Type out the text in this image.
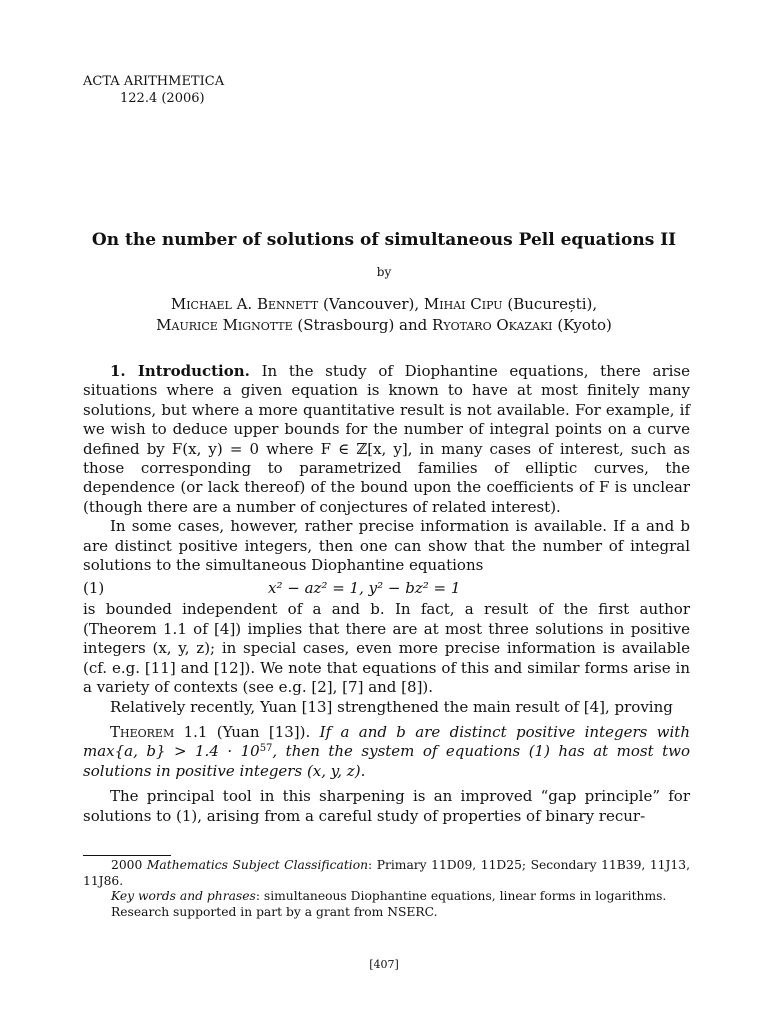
ACTA ARITHMETICA
122.4 (2006)
On the number of solutions of simultaneous Pell equations II
by
Michael A. Bennett (Vancouver), Mihai Cipu (București),
Maurice Mignotte (Strasbourg) and Ryotaro Okazaki (Kyoto)

1. Introduction. In the study of Diophantine equations, there arise situations where a given equation is known to have at most finitely many solutions, but where a more quantitative result is not available. For example, if we wish to deduce upper bounds for the number of integral points on a curve defined by F(x, y) = 0 where F ∈ ℤ[x, y], in many cases of interest, such as those corresponding to parametrized families of elliptic curves, the dependence (or lack thereof) of the bound upon the coefficients of F is unclear (though there are a number of conjectures of related interest).

In some cases, however, rather precise information is available. If a and b are distinct positive integers, then one can show that the number of integral solutions to the simultaneous Diophantine equations

(1)	x² − az² = 1, y² − bz² = 1

is bounded independent of a and b. In fact, a result of the first author (Theorem 1.1 of [4]) implies that there are at most three solutions in positive integers (x, y, z); in special cases, even more precise information is available (cf. e.g. [11] and [12]). We note that equations of this and similar forms arise in a variety of contexts (see e.g. [2], [7] and [8]).

Relatively recently, Yuan [13] strengthened the main result of [4], proving

Theorem 1.1 (Yuan [13]). If a and b are distinct positive integers with max{a, $b\} > 1.4 \cdot 10^{57}$, then the system of equations (1) has at most two solutions in positive integers (x, y, z).

The principal tool in this sharpening is an improved “gap principle” for solutions to (1), arising from a careful study of properties of binary recur-

2000 Mathematics Subject Classification: Primary 11D09, 11D25; Secondary 11B39, 11J13, 11J86.

Key words and phrases: simultaneous Diophantine equations, linear forms in logarithms.

Research supported in part by a grant from NSERC.

[407]
